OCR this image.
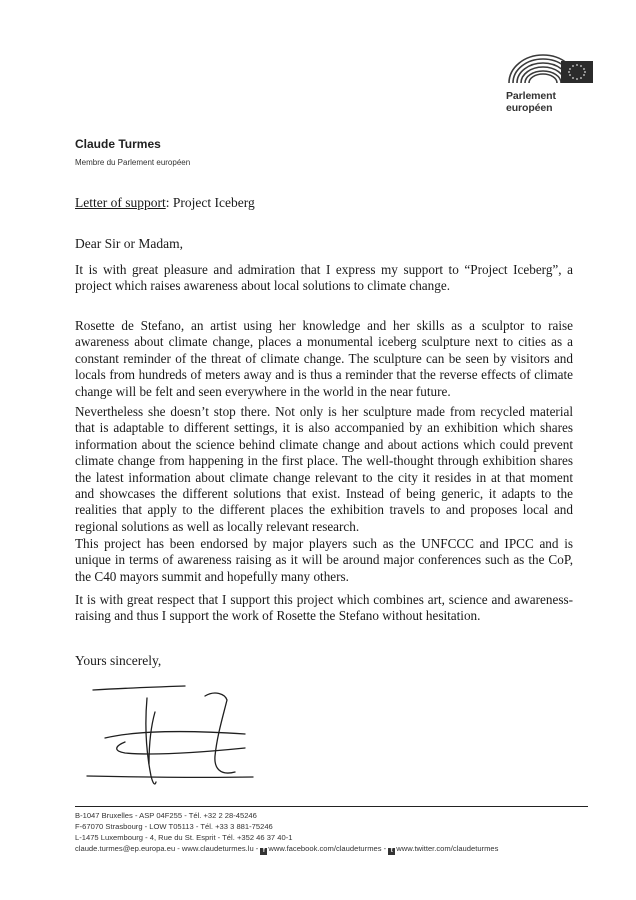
Parlement européen
Claude Turmes
Membre du Parlement européen
Letter of support: Project Iceberg
Dear Sir or Madam,

It is with great pleasure and admiration that I express my support to “Project Iceberg”, a project which raises awareness about local solutions to climate change.

Rosette de Stefano, an artist using her knowledge and her skills as a sculptor to raise awareness about climate change, places a monumental iceberg sculpture next to cities as a constant reminder of the threat of climate change. The sculpture can be seen by visitors and locals from hundreds of meters away and is thus a reminder that the reverse effects of climate change will be felt and seen everywhere in the world in the near future.

Nevertheless she doesn’t stop there. Not only is her sculpture made from recycled material that is adaptable to different settings, it is also accompanied by an exhibition which shares information about the science behind climate change and about actions which could prevent climate change from happening in the first place. The well-thought through exhibition shares the latest information about climate change relevant to the city it resides in at that moment and showcases the different solutions that exist. Instead of being generic, it adapts to the realities that apply to the different places the exhibition travels to and proposes local and regional solutions as well as locally relevant research.

This project has been endorsed by major players such as the UNFCCC and IPCC and is unique in terms of awareness raising as it will be around major conferences such as the CoP, the C40 mayors summit and hopefully many others.

It is with great respect that I support this project which combines art, science and awareness-raising and thus I support the work of Rosette the Stefano without hesitation.

Yours sincerely,
B-1047 Bruxelles - ASP 04F255 - Tél. +32 2 28-45246
F-67070 Strasbourg - LOW T05113 - Tél. +33 3 881-75246
L-1475 Luxembourg - 4, Rue du St. Esprit - Tél. +352 46 37 40-1
claude.turmes@ep.europa.eu - www.claudeturmes.lu - f www.facebook.com/claudeturmes - t www.twitter.com/claudeturmes
